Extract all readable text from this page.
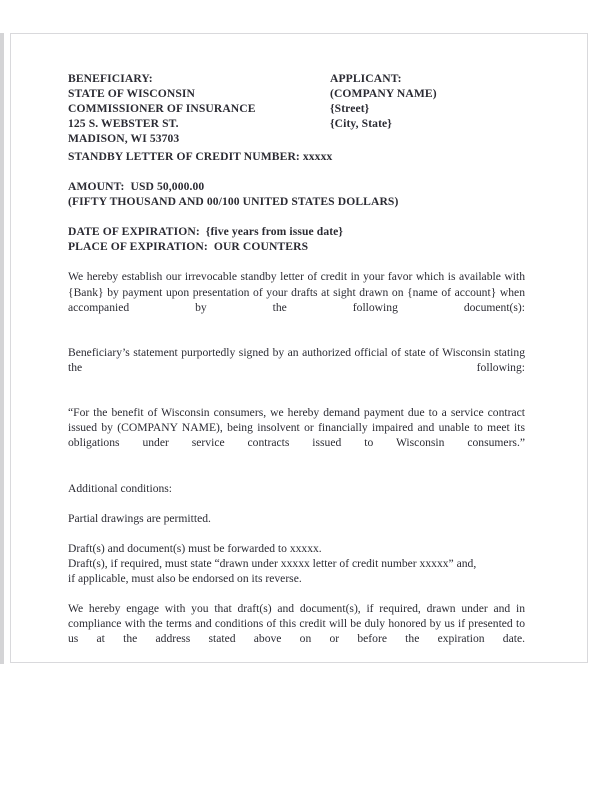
BENEFICIARY:
STATE OF WISCONSIN
COMMISSIONER OF INSURANCE
125 S. WEBSTER ST.
MADISON, WI 53703
APPLICANT:
(COMPANY NAME)
{Street}
{City, State}
STANDBY LETTER OF CREDIT NUMBER: xxxxx
AMOUNT:  USD 50,000.00
(FIFTY THOUSAND AND 00/100 UNITED STATES DOLLARS)
DATE OF EXPIRATION:  {five years from issue date}
PLACE OF EXPIRATION:  OUR COUNTERS

We hereby establish our irrevocable standby letter of credit in your favor which is available with {Bank} by payment upon presentation of your drafts at sight drawn on {name of account} when accompanied by the following document(s):

Beneficiary’s statement purportedly signed by an authorized official of state of Wisconsin stating the following:

“For the benefit of Wisconsin consumers, we hereby demand payment due to a service contract issued by (COMPANY NAME), being insolvent or financially impaired and unable to meet its obligations under service contracts issued to Wisconsin consumers.”

Additional conditions:

Partial drawings are permitted.

Draft(s) and document(s) must be forwarded to xxxxx.
Draft(s), if required, must state “drawn under xxxxx letter of credit number xxxxx” and,
if applicable, must also be endorsed on its reverse.

We hereby engage with you that draft(s) and document(s), if required, drawn under and in compliance with the terms and conditions of this credit will be duly honored by us if presented to us at the address stated above on or before the expiration date.
